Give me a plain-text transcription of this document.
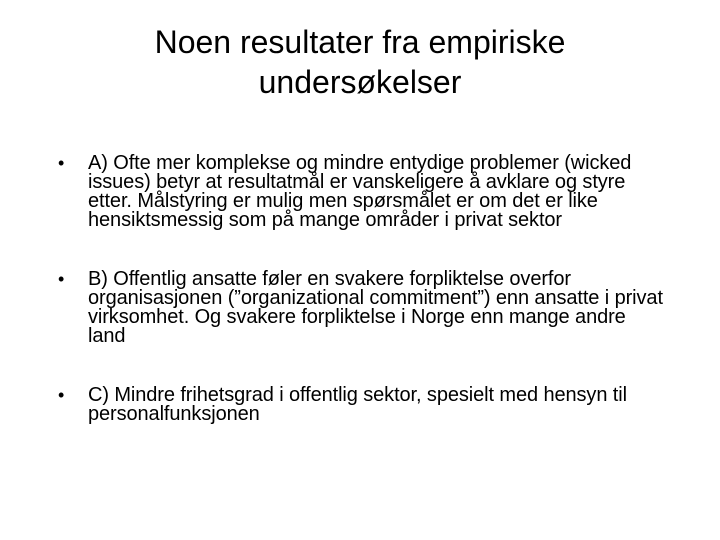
Noen resultater fra empiriske undersøkelser
• A) Ofte mer komplekse og mindre entydige problemer (wicked issues) betyr at resultatmål er vanskeligere å avklare og styre etter. Målstyring er mulig men spørsmålet er om det er like hensiktsmessig som på mange områder i privat sektor
• B) Offentlig ansatte føler en svakere forpliktelse overfor organisasjonen (”organizational commitment”) enn ansatte i privat virksomhet. Og svakere forpliktelse i Norge enn mange andre land
• C) Mindre frihetsgrad i offentlig sektor, spesielt med hensyn til personalfunksjonen
